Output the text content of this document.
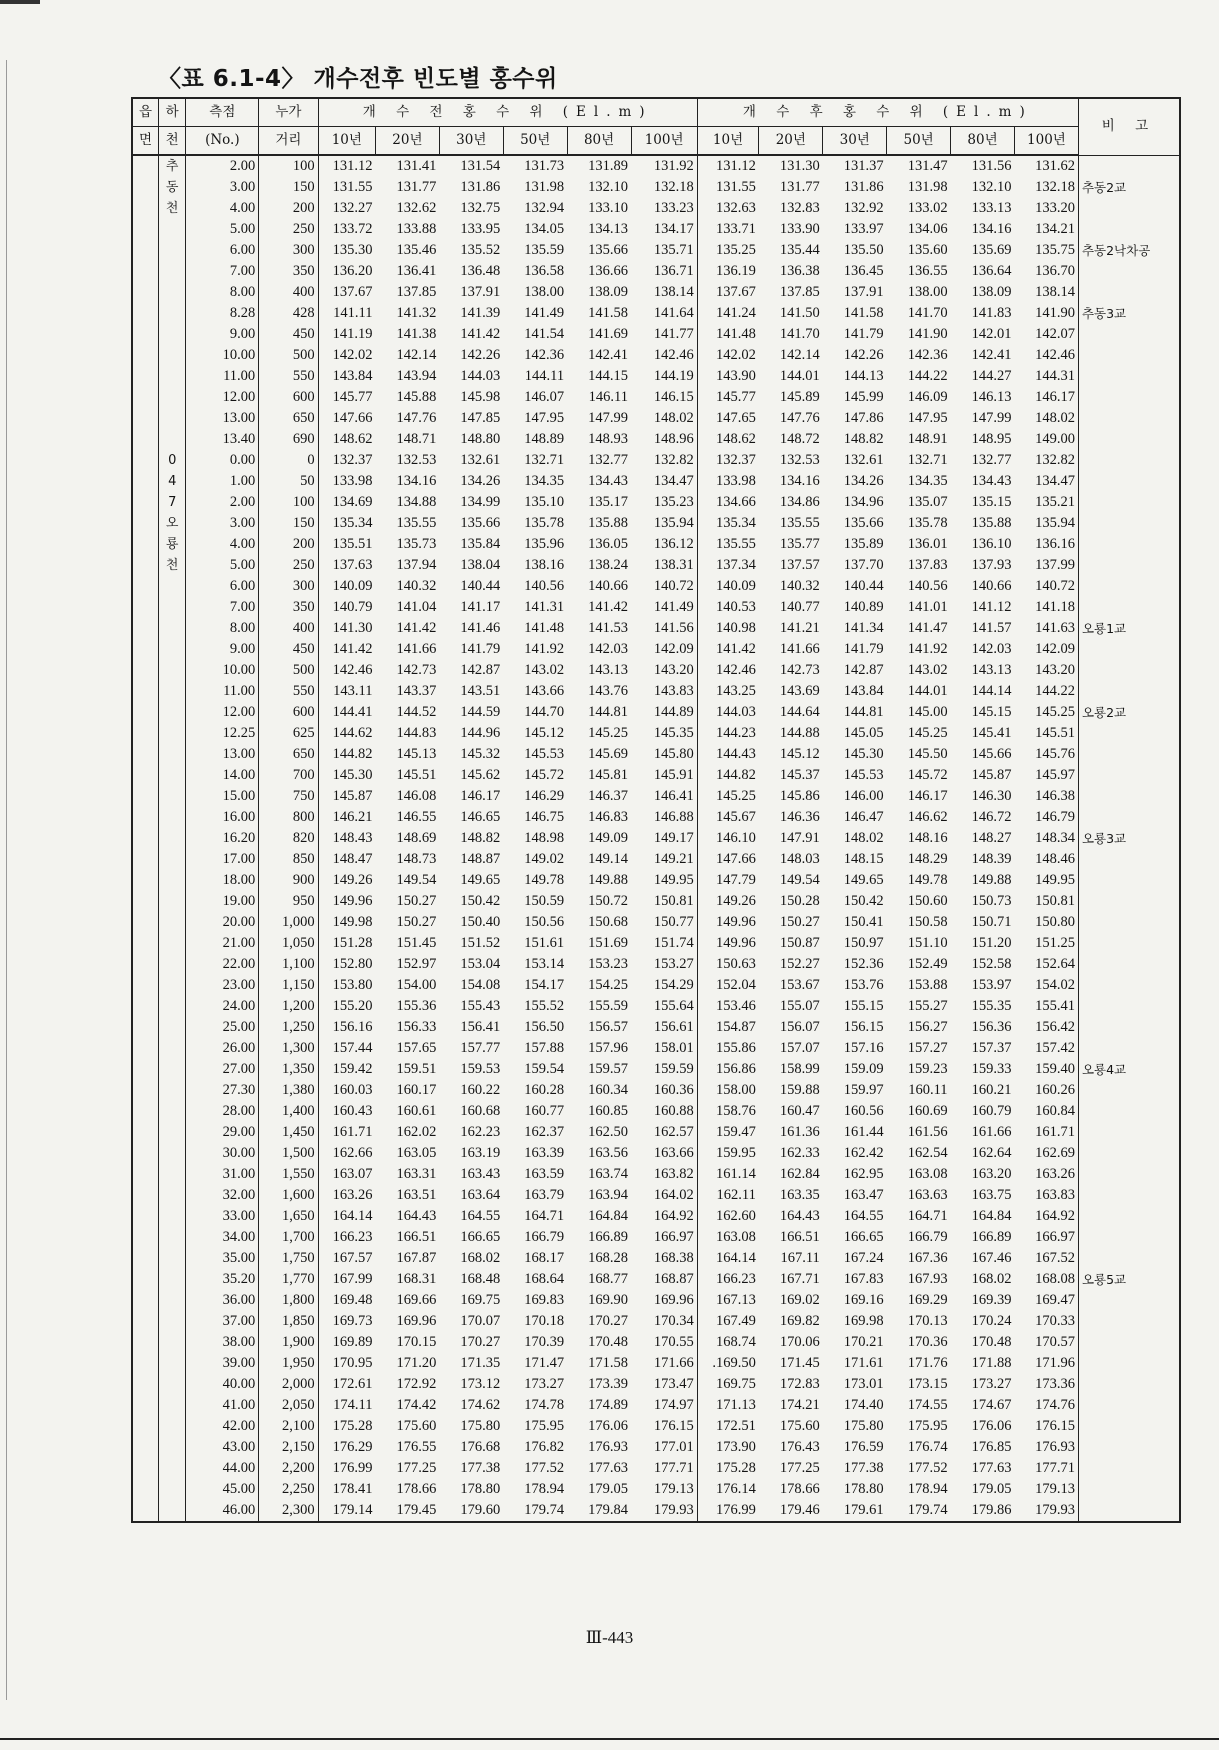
〈표 6.1-4〉 개수전후 빈도별 홍수위
읍	하	측점	누가	개 수 전 홍 수 위 (El.m)						개 수 후 홍 수 위 (El.m)						비 고
면	천	(No.)	거리	10년	20년	30년	50년	80년	100년	10년	20년	30년	50년	80년	100년	
	추	2.00	100	131.12	131.41	131.54	131.73	131.89	131.92	131.12	131.30	131.37	131.47	131.56	131.62	
	동	3.00	150	131.55	131.77	131.86	131.98	132.10	132.18	131.55	131.77	131.86	131.98	132.10	132.18	추동2교
	천	4.00	200	132.27	132.62	132.75	132.94	133.10	133.23	132.63	132.83	132.92	133.02	133.13	133.20	
		5.00	250	133.72	133.88	133.95	134.05	134.13	134.17	133.71	133.90	133.97	134.06	134.16	134.21	
		6.00	300	135.30	135.46	135.52	135.59	135.66	135.71	135.25	135.44	135.50	135.60	135.69	135.75	추동2낙차공
		7.00	350	136.20	136.41	136.48	136.58	136.66	136.71	136.19	136.38	136.45	136.55	136.64	136.70	
		8.00	400	137.67	137.85	137.91	138.00	138.09	138.14	137.67	137.85	137.91	138.00	138.09	138.14	
		8.28	428	141.11	141.32	141.39	141.49	141.58	141.64	141.24	141.50	141.58	141.70	141.83	141.90	추동3교
		9.00	450	141.19	141.38	141.42	141.54	141.69	141.77	141.48	141.70	141.79	141.90	142.01	142.07	
		10.00	500	142.02	142.14	142.26	142.36	142.41	142.46	142.02	142.14	142.26	142.36	142.41	142.46	
		11.00	550	143.84	143.94	144.03	144.11	144.15	144.19	143.90	144.01	144.13	144.22	144.27	144.31	
		12.00	600	145.77	145.88	145.98	146.07	146.11	146.15	145.77	145.89	145.99	146.09	146.13	146.17	
		13.00	650	147.66	147.76	147.85	147.95	147.99	148.02	147.65	147.76	147.86	147.95	147.99	148.02	
		13.40	690	148.62	148.71	148.80	148.89	148.93	148.96	148.62	148.72	148.82	148.91	148.95	149.00	
	0	0.00	0	132.37	132.53	132.61	132.71	132.77	132.82	132.37	132.53	132.61	132.71	132.77	132.82	
	4	1.00	50	133.98	134.16	134.26	134.35	134.43	134.47	133.98	134.16	134.26	134.35	134.43	134.47	
	7	2.00	100	134.69	134.88	134.99	135.10	135.17	135.23	134.66	134.86	134.96	135.07	135.15	135.21	
	오	3.00	150	135.34	135.55	135.66	135.78	135.88	135.94	135.34	135.55	135.66	135.78	135.88	135.94	
	룡	4.00	200	135.51	135.73	135.84	135.96	136.05	136.12	135.55	135.77	135.89	136.01	136.10	136.16	
	천	5.00	250	137.63	137.94	138.04	138.16	138.24	138.31	137.34	137.57	137.70	137.83	137.93	137.99	
		6.00	300	140.09	140.32	140.44	140.56	140.66	140.72	140.09	140.32	140.44	140.56	140.66	140.72	
		7.00	350	140.79	141.04	141.17	141.31	141.42	141.49	140.53	140.77	140.89	141.01	141.12	141.18	
		8.00	400	141.30	141.42	141.46	141.48	141.53	141.56	140.98	141.21	141.34	141.47	141.57	141.63	오룡1교
		9.00	450	141.42	141.66	141.79	141.92	142.03	142.09	141.42	141.66	141.79	141.92	142.03	142.09	
		10.00	500	142.46	142.73	142.87	143.02	143.13	143.20	142.46	142.73	142.87	143.02	143.13	143.20	
		11.00	550	143.11	143.37	143.51	143.66	143.76	143.83	143.25	143.69	143.84	144.01	144.14	144.22	
		12.00	600	144.41	144.52	144.59	144.70	144.81	144.89	144.03	144.64	144.81	145.00	145.15	145.25	오룡2교
		12.25	625	144.62	144.83	144.96	145.12	145.25	145.35	144.23	144.88	145.05	145.25	145.41	145.51	
		13.00	650	144.82	145.13	145.32	145.53	145.69	145.80	144.43	145.12	145.30	145.50	145.66	145.76	
		14.00	700	145.30	145.51	145.62	145.72	145.81	145.91	144.82	145.37	145.53	145.72	145.87	145.97	
		15.00	750	145.87	146.08	146.17	146.29	146.37	146.41	145.25	145.86	146.00	146.17	146.30	146.38	
		16.00	800	146.21	146.55	146.65	146.75	146.83	146.88	145.67	146.36	146.47	146.62	146.72	146.79	
		16.20	820	148.43	148.69	148.82	148.98	149.09	149.17	146.10	147.91	148.02	148.16	148.27	148.34	오룡3교
		17.00	850	148.47	148.73	148.87	149.02	149.14	149.21	147.66	148.03	148.15	148.29	148.39	148.46	
		18.00	900	149.26	149.54	149.65	149.78	149.88	149.95	147.79	149.54	149.65	149.78	149.88	149.95	
		19.00	950	149.96	150.27	150.42	150.59	150.72	150.81	149.26	150.28	150.42	150.60	150.73	150.81	
		20.00	1,000	149.98	150.27	150.40	150.56	150.68	150.77	149.96	150.27	150.41	150.58	150.71	150.80	
		21.00	1,050	151.28	151.45	151.52	151.61	151.69	151.74	149.96	150.87	150.97	151.10	151.20	151.25	
		22.00	1,100	152.80	152.97	153.04	153.14	153.23	153.27	150.63	152.27	152.36	152.49	152.58	152.64	
		23.00	1,150	153.80	154.00	154.08	154.17	154.25	154.29	152.04	153.67	153.76	153.88	153.97	154.02	
		24.00	1,200	155.20	155.36	155.43	155.52	155.59	155.64	153.46	155.07	155.15	155.27	155.35	155.41	
		25.00	1,250	156.16	156.33	156.41	156.50	156.57	156.61	154.87	156.07	156.15	156.27	156.36	156.42	
		26.00	1,300	157.44	157.65	157.77	157.88	157.96	158.01	155.86	157.07	157.16	157.27	157.37	157.42	
		27.00	1,350	159.42	159.51	159.53	159.54	159.57	159.59	156.86	158.99	159.09	159.23	159.33	159.40	오룡4교
		27.30	1,380	160.03	160.17	160.22	160.28	160.34	160.36	158.00	159.88	159.97	160.11	160.21	160.26	
		28.00	1,400	160.43	160.61	160.68	160.77	160.85	160.88	158.76	160.47	160.56	160.69	160.79	160.84	
		29.00	1,450	161.71	162.02	162.23	162.37	162.50	162.57	159.47	161.36	161.44	161.56	161.66	161.71	
		30.00	1,500	162.66	163.05	163.19	163.39	163.56	163.66	159.95	162.33	162.42	162.54	162.64	162.69	
		31.00	1,550	163.07	163.31	163.43	163.59	163.74	163.82	161.14	162.84	162.95	163.08	163.20	163.26	
		32.00	1,600	163.26	163.51	163.64	163.79	163.94	164.02	162.11	163.35	163.47	163.63	163.75	163.83	
		33.00	1,650	164.14	164.43	164.55	164.71	164.84	164.92	162.60	164.43	164.55	164.71	164.84	164.92	
		34.00	1,700	166.23	166.51	166.65	166.79	166.89	166.97	163.08	166.51	166.65	166.79	166.89	166.97	
		35.00	1,750	167.57	167.87	168.02	168.17	168.28	168.38	164.14	167.11	167.24	167.36	167.46	167.52	
		35.20	1,770	167.99	168.31	168.48	168.64	168.77	168.87	166.23	167.71	167.83	167.93	168.02	168.08	오룡5교
		36.00	1,800	169.48	169.66	169.75	169.83	169.90	169.96	167.13	169.02	169.16	169.29	169.39	169.47	
		37.00	1,850	169.73	169.96	170.07	170.18	170.27	170.34	167.49	169.82	169.98	170.13	170.24	170.33	
		38.00	1,900	169.89	170.15	170.27	170.39	170.48	170.55	168.74	170.06	170.21	170.36	170.48	170.57	
		39.00	1,950	170.95	171.20	171.35	171.47	171.58	171.66	.169.50	171.45	171.61	171.76	171.88	171.96	
		40.00	2,000	172.61	172.92	173.12	173.27	173.39	173.47	169.75	172.83	173.01	173.15	173.27	173.36	
		41.00	2,050	174.11	174.42	174.62	174.78	174.89	174.97	171.13	174.21	174.40	174.55	174.67	174.76	
		42.00	2,100	175.28	175.60	175.80	175.95	176.06	176.15	172.51	175.60	175.80	175.95	176.06	176.15	
		43.00	2,150	176.29	176.55	176.68	176.82	176.93	177.01	173.90	176.43	176.59	176.74	176.85	176.93	
		44.00	2,200	176.99	177.25	177.38	177.52	177.63	177.71	175.28	177.25	177.38	177.52	177.63	177.71	
		45.00	2,250	178.41	178.66	178.80	178.94	179.05	179.13	176.14	178.66	178.80	178.94	179.05	179.13	
		46.00	2,300	179.14	179.45	179.60	179.74	179.84	179.93	176.99	179.46	179.61	179.74	179.86	179.93	
Ⅲ-443
